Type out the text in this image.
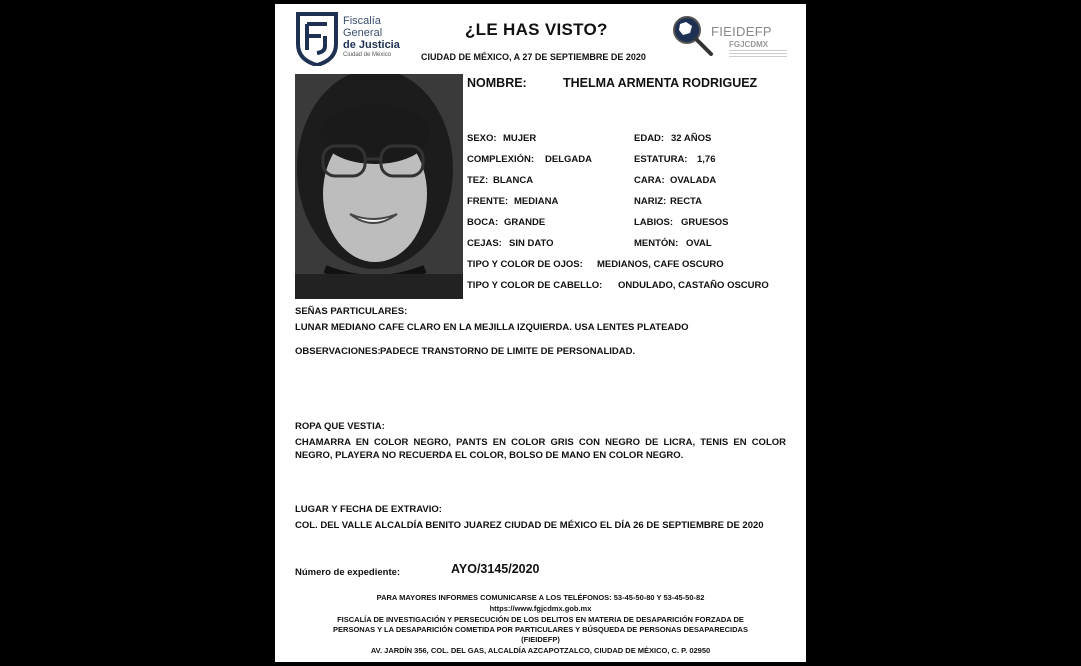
Fiscalía
General
de Justicia
Ciudad de México
¿LE HAS VISTO?
CIUDAD DE MÉXICO, A 27 DE SEPTIEMBRE DE 2020
FIEIDEFP
FGJCDMX
NOMBRE:	THELMA ARMENTA RODRIGUEZ
SEXO: MUJER
COMPLEXIÓN: DELGADA
TEZ: BLANCA
FRENTE: MEDIANA
BOCA: GRANDE
CEJAS: SIN DATO
EDAD: 32 AÑOS
ESTATURA: 1,76
CARA: OVALADA
NARIZ: RECTA
LABIOS: GRUESOS
MENTÓN: OVAL
TIPO Y COLOR DE OJOS: MEDIANOS, CAFE OSCURO
TIPO Y COLOR DE CABELLO: ONDULADO, CASTAÑO OSCURO
SEÑAS PARTICULARES:
LUNAR MEDIANO CAFE CLARO EN LA MEJILLA IZQUIERDA. USA LENTES PLATEADO
OBSERVACIONES: PADECE TRANSTORNO DE LIMITE DE PERSONALIDAD.
ROPA QUE VESTIA:
CHAMARRA EN COLOR NEGRO, PANTS EN COLOR GRIS CON NEGRO DE LICRA, TENIS EN COLOR NEGRO, PLAYERA NO RECUERDA EL COLOR, BOLSO DE MANO EN COLOR NEGRO.
LUGAR Y FECHA DE EXTRAVIO:
COL. DEL VALLE ALCALDÍA BENITO JUAREZ CIUDAD DE MÉXICO EL DÍA 26 DE SEPTIEMBRE DE 2020
Número de expediente:	AYO/3145/2020
PARA MAYORES INFORMES COMUNICARSE A LOS TELÉFONOS: 53-45-50-80 Y 53-45-50-82
https://www.fgjcdmx.gob.mx
FISCALÍA DE INVESTIGACIÓN Y PERSECUCIÓN DE LOS DELITOS EN MATERIA DE DESAPARICIÓN FORZADA DE
PERSONAS Y LA DESAPARICIÓN COMETIDA POR PARTICULARES Y BÚSQUEDA DE PERSONAS DESAPARECIDAS
(FIEIDEFP)
AV. JARDÍN 356, COL. DEL GAS, ALCALDÍA AZCAPOTZALCO, CIUDAD DE MÉXICO, C. P. 02950
